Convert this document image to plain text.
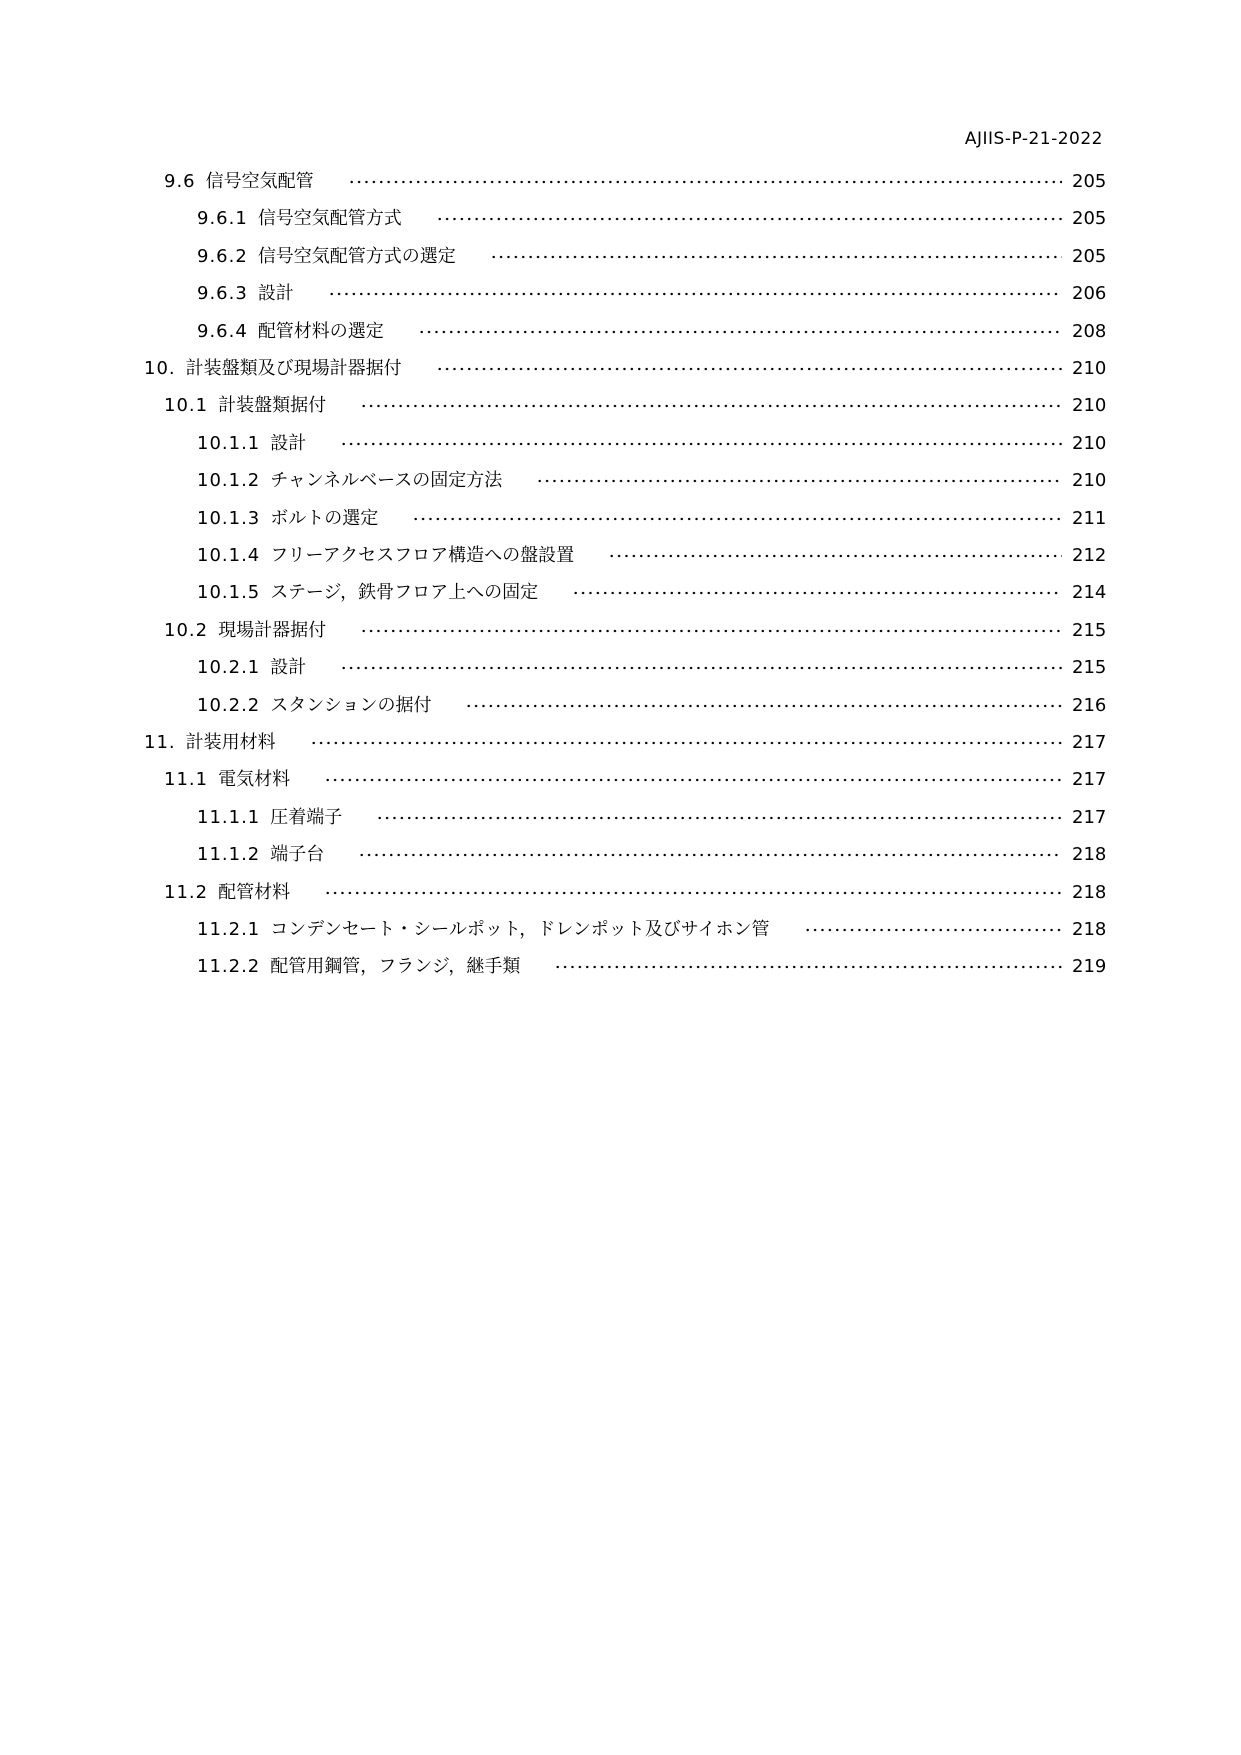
AJIIS-P-21-2022
9.6 信号空気配管	205
9.6.1 信号空気配管方式	205
9.6.2 信号空気配管方式の選定	205
9.6.3 設計	206
9.6.4 配管材料の選定	208
10. 計装盤類及び現場計器据付	210
10.1 計装盤類据付	210
10.1.1 設計	210
10.1.2 チャンネルベースの固定方法	210
10.1.3 ボルトの選定	211
10.1.4 フリーアクセスフロア構造への盤設置	212
10.1.5 ステージ，鉄骨フロア上への固定	214
10.2 現場計器据付	215
10.2.1 設計	215
10.2.2 スタンションの据付	216
11. 計装用材料	217
11.1 電気材料	217
11.1.1 圧着端子	217
11.1.2 端子台	218
11.2 配管材料	218
11.2.1 コンデンセート・シールポット，ドレンポット及びサイホン管	218
11.2.2 配管用鋼管，フランジ，継手類	219
